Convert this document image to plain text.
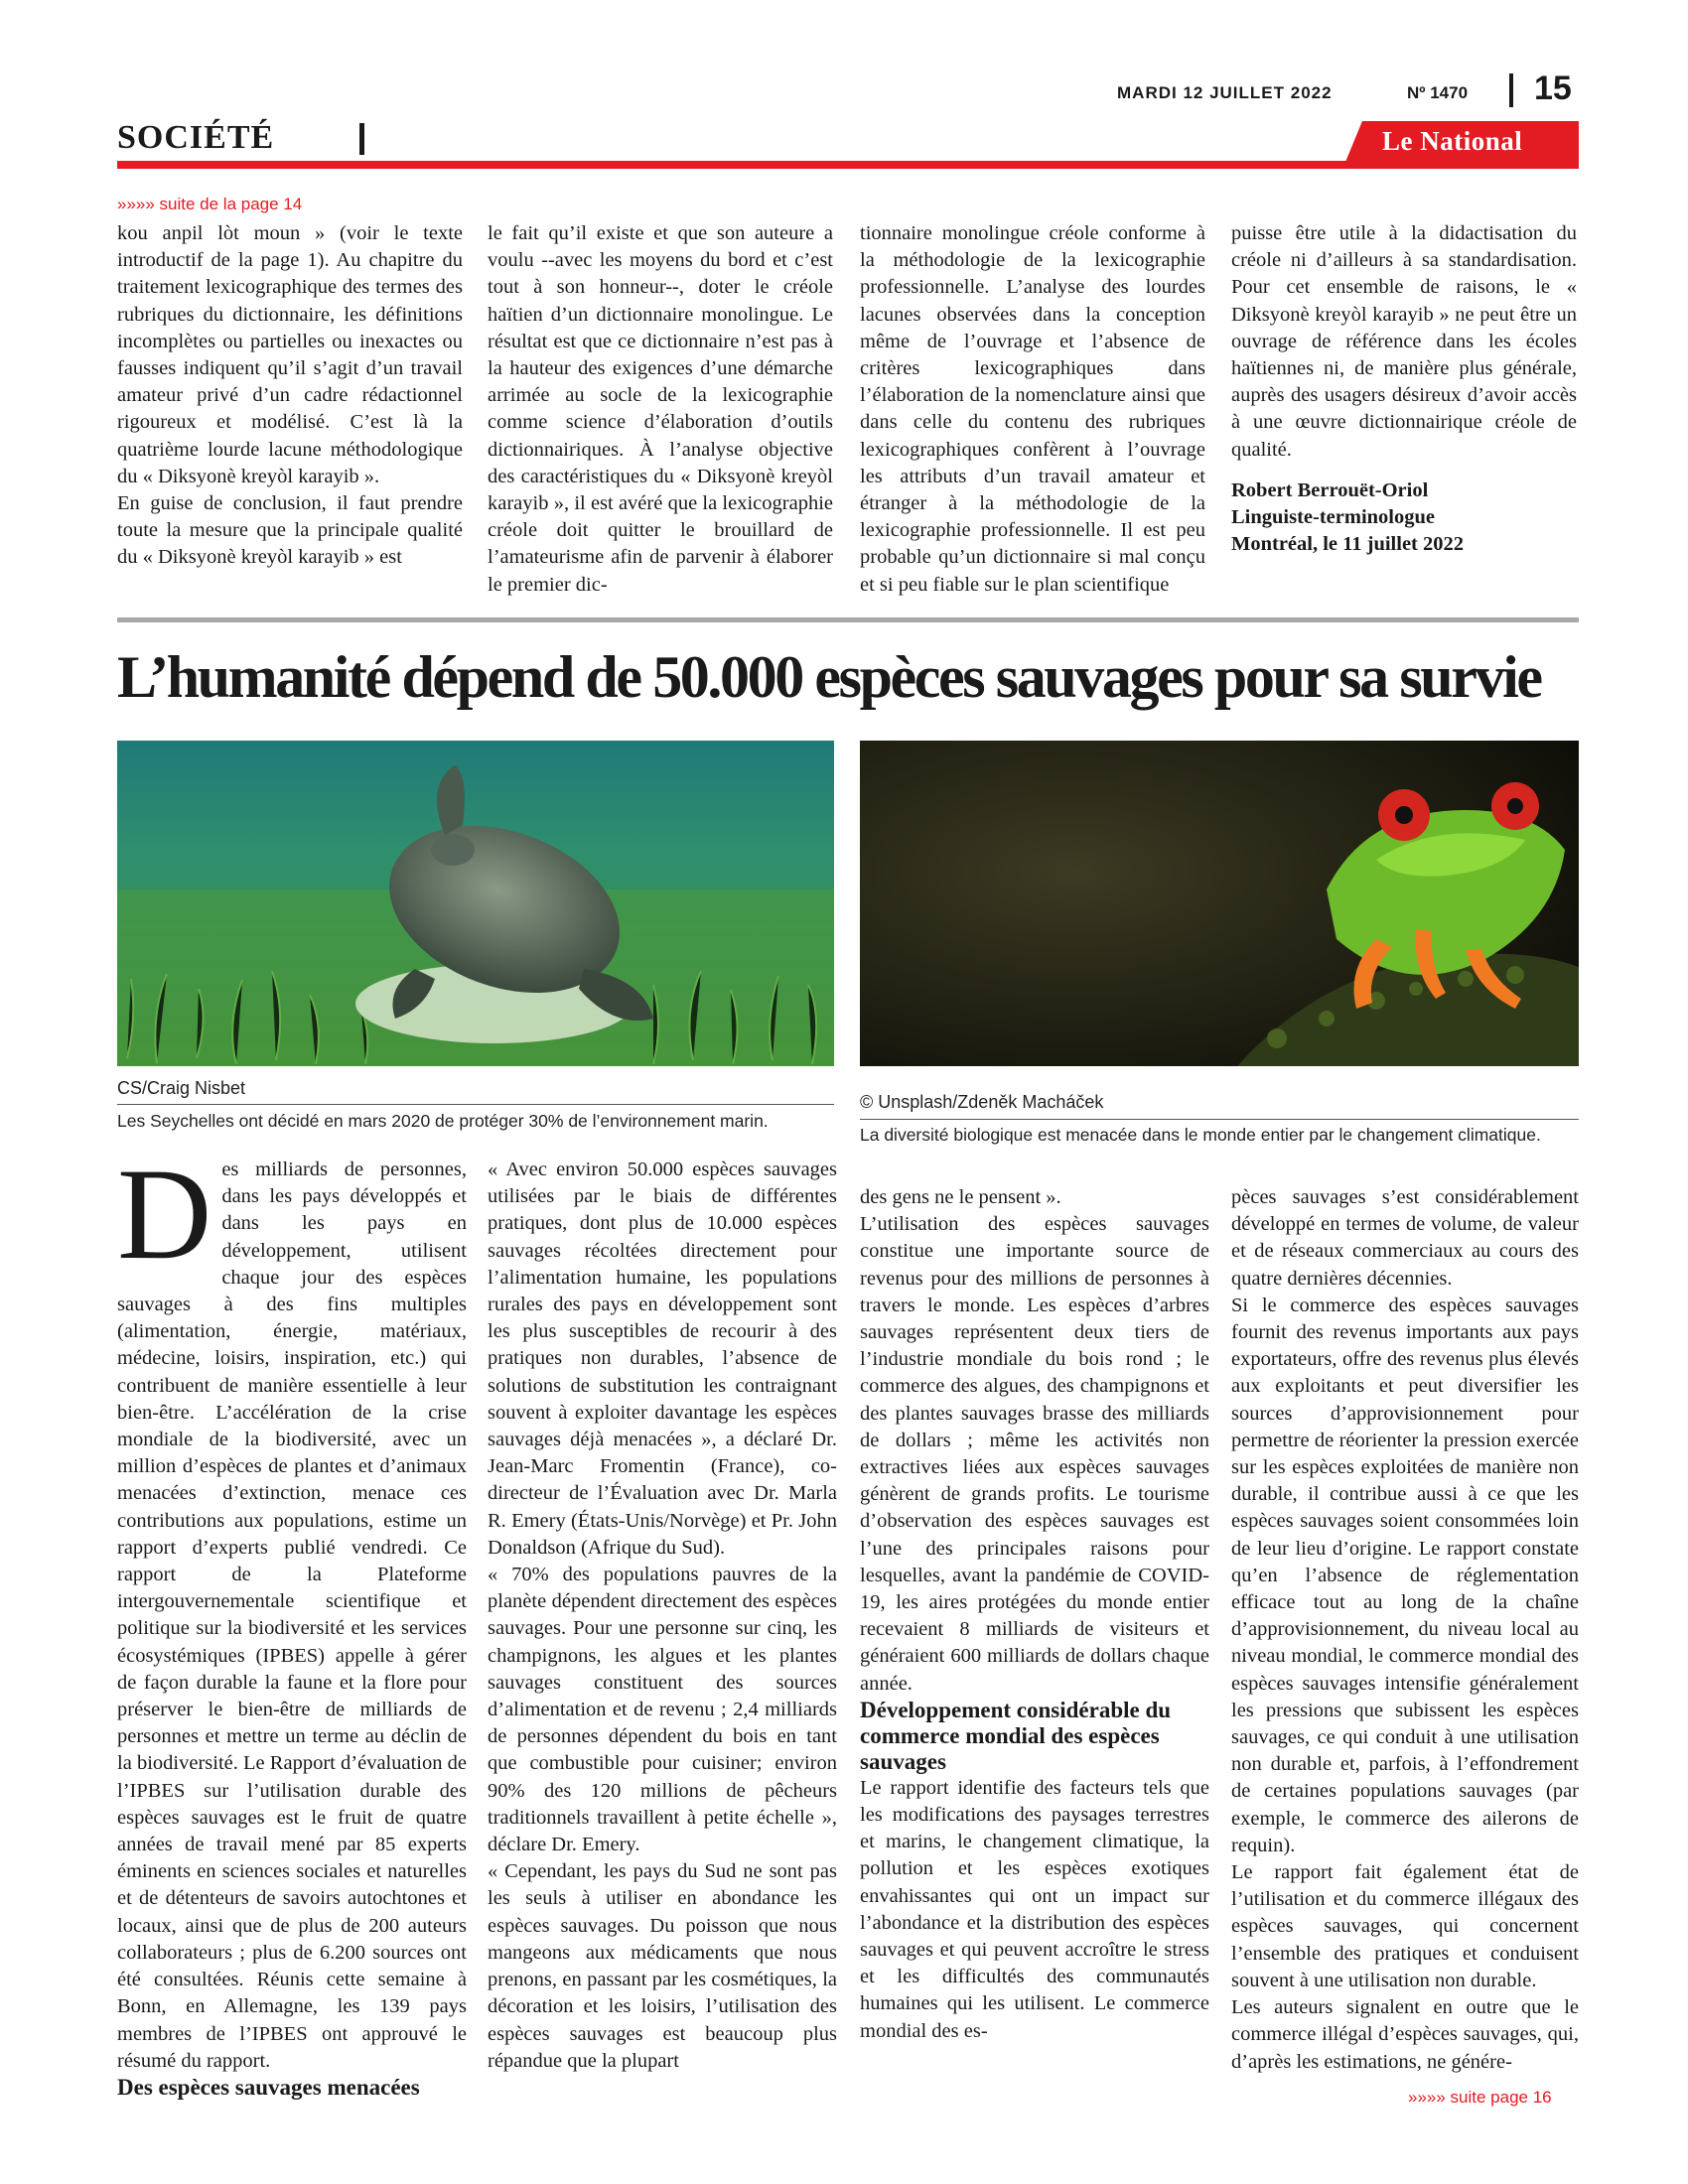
MARDI 12 JUILLET 2022	Nº 1470 15
SOCIÉTÉ	Le National
»»»» suite de la page 14

kou anpil lòt moun » (voir le texte introductif de la page 1). Au chapitre du traitement lexicographique des termes des rubriques du dictionnaire, les définitions incomplètes ou partielles ou inexactes ou fausses indiquent qu’il s’agit d’un travail amateur privé d’un cadre rédactionnel rigoureux et modélisé. C’est là la quatrième lourde lacune méthodologique du « Diksyonè kreyòl karayib ».

En guise de conclusion, il faut prendre toute la mesure que la principale qualité du « Diksyonè kreyòl karayib » est

le fait qu’il existe et que son auteure a voulu --avec les moyens du bord et c’est tout à son honneur--, doter le créole haïtien d’un dictionnaire monolingue. Le résultat est que ce dictionnaire n’est pas à la hauteur des exigences d’une démarche arrimée au socle de la lexicographie comme science d’élaboration d’outils dictionnairiques. À l’analyse objective des caractéristiques du « Diksyonè kreyòl karayib », il est avéré que la lexicographie créole doit quitter le brouillard de l’amateurisme afin de parvenir à élaborer le premier dic-

tionnaire monolingue créole conforme à la méthodologie de la lexicographie professionnelle. L’analyse des lourdes lacunes observées dans la conception même de l’ouvrage et l’absence de critères lexicographiques dans l’élaboration de la nomenclature ainsi que dans celle du contenu des rubriques lexicographiques confèrent à l’ouvrage les attributs d’un travail amateur et étranger à la méthodologie de la lexicographie professionnelle. Il est peu probable qu’un dictionnaire si mal conçu et si peu fiable sur le plan scientifique

puisse être utile à la didactisation du créole ni d’ailleurs à sa standardisation. Pour cet ensemble de raisons, le « Diksyonè kreyòl karayib » ne peut être un ouvrage de référence dans les écoles haïtiennes ni, de manière plus générale, auprès des usagers désireux d’avoir accès à une œuvre dictionnairique créole de qualité.

Robert Berrouët-Oriol
Linguiste-terminologue
Montréal, le 11 juillet 2022
L’humanité dépend de 50.000 espèces sauvages pour sa survie
CS/Craig Nisbet
Les Seychelles ont décidé en mars 2020 de protéger 30% de l’environnement marin.
© Unsplash/Zdeněk Macháček
La diversité biologique est menacée dans le monde entier par le changement climatique.

Des milliards de personnes, dans les pays développés et dans les pays en développement, utilisent chaque jour des espèces sauvages à des fins multiples (alimentation, énergie, matériaux, médecine, loisirs, inspiration, etc.) qui contribuent de manière essentielle à leur bien-être. L’accélération de la crise mondiale de la biodiversité, avec un million d’espèces de plantes et d’animaux menacées d’extinction, menace ces contributions aux populations, estime un rapport d’experts publié vendredi. Ce rapport de la Plateforme intergouvernementale scientifique et politique sur la biodiversité et les services écosystémiques (IPBES) appelle à gérer de façon durable la faune et la flore pour préserver le bien-être de milliards de personnes et mettre un terme au déclin de la biodiversité. Le Rapport d’évaluation de l’IPBES sur l’utilisation durable des espèces sauvages est le fruit de quatre années de travail mené par 85 experts éminents en sciences sociales et naturelles et de détenteurs de savoirs autochtones et locaux, ainsi que de plus de 200 auteurs collaborateurs ; plus de 6.200 sources ont été consultées. Réunis cette semaine à Bonn, en Allemagne, les 139 pays membres de l’IPBES ont approuvé le résumé du rapport.

Des espèces sauvages menacées

« Avec environ 50.000 espèces sauvages utilisées par le biais de différentes pratiques, dont plus de 10.000 espèces sauvages récoltées directement pour l’alimentation humaine, les populations rurales des pays en développement sont les plus susceptibles de recourir à des pratiques non durables, l’absence de solutions de substitution les contraignant souvent à exploiter davantage les espèces sauvages déjà menacées », a déclaré Dr. Jean-Marc Fromentin (France), co-directeur de l’Évaluation avec Dr. Marla R. Emery (États-Unis/Norvège) et Pr. John Donaldson (Afrique du Sud).

« 70% des populations pauvres de la planète dépendent directement des espèces sauvages. Pour une personne sur cinq, les champignons, les algues et les plantes sauvages constituent des sources d’alimentation et de revenu ; 2,4 milliards de personnes dépendent du bois en tant que combustible pour cuisiner; environ 90% des 120 millions de pêcheurs traditionnels travaillent à petite échelle », déclare Dr. Emery.

« Cependant, les pays du Sud ne sont pas les seuls à utiliser en abondance les espèces sauvages. Du poisson que nous mangeons aux médicaments que nous prenons, en passant par les cosmétiques, la décoration et les loisirs, l’utilisation des espèces sauvages est beaucoup plus répandue que la plupart

des gens ne le pensent ».

L’utilisation des espèces sauvages constitue une importante source de revenus pour des millions de personnes à travers le monde. Les espèces d’arbres sauvages représentent deux tiers de l’industrie mondiale du bois rond ; le commerce des algues, des champignons et des plantes sauvages brasse des milliards de dollars ; même les activités non extractives liées aux espèces sauvages génèrent de grands profits. Le tourisme d’observation des espèces sauvages est l’une des principales raisons pour lesquelles, avant la pandémie de COVID-19, les aires protégées du monde entier recevaient 8 milliards de visiteurs et généraient 600 milliards de dollars chaque année.

Développement considérable du commerce mondial des espèces sauvages

Le rapport identifie des facteurs tels que les modifications des paysages terrestres et marins, le changement climatique, la pollution et les espèces exotiques envahissantes qui ont un impact sur l’abondance et la distribution des espèces sauvages et qui peuvent accroître le stress et les difficultés des communautés humaines qui les utilisent. Le commerce mondial des es-

pèces sauvages s’est considérablement développé en termes de volume, de valeur et de réseaux commerciaux au cours des quatre dernières décennies.

Si le commerce des espèces sauvages fournit des revenus importants aux pays exportateurs, offre des revenus plus élevés aux exploitants et peut diversifier les sources d’approvisionnement pour permettre de réorienter la pression exercée sur les espèces exploitées de manière non durable, il contribue aussi à ce que les espèces sauvages soient consommées loin de leur lieu d’origine. Le rapport constate qu’en l’absence de réglementation efficace tout au long de la chaîne d’approvisionnement, du niveau local au niveau mondial, le commerce mondial des espèces sauvages intensifie généralement les pressions que subissent les espèces sauvages, ce qui conduit à une utilisation non durable et, parfois, à l’effondrement de certaines populations sauvages (par exemple, le commerce des ailerons de requin).

Le rapport fait également état de l’utilisation et du commerce illégaux des espèces sauvages, qui concernent l’ensemble des pratiques et conduisent souvent à une utilisation non durable.

Les auteurs signalent en outre que le commerce illégal d’espèces sauvages, qui, d’après les estimations, ne génére-

»»»» suite page 16
